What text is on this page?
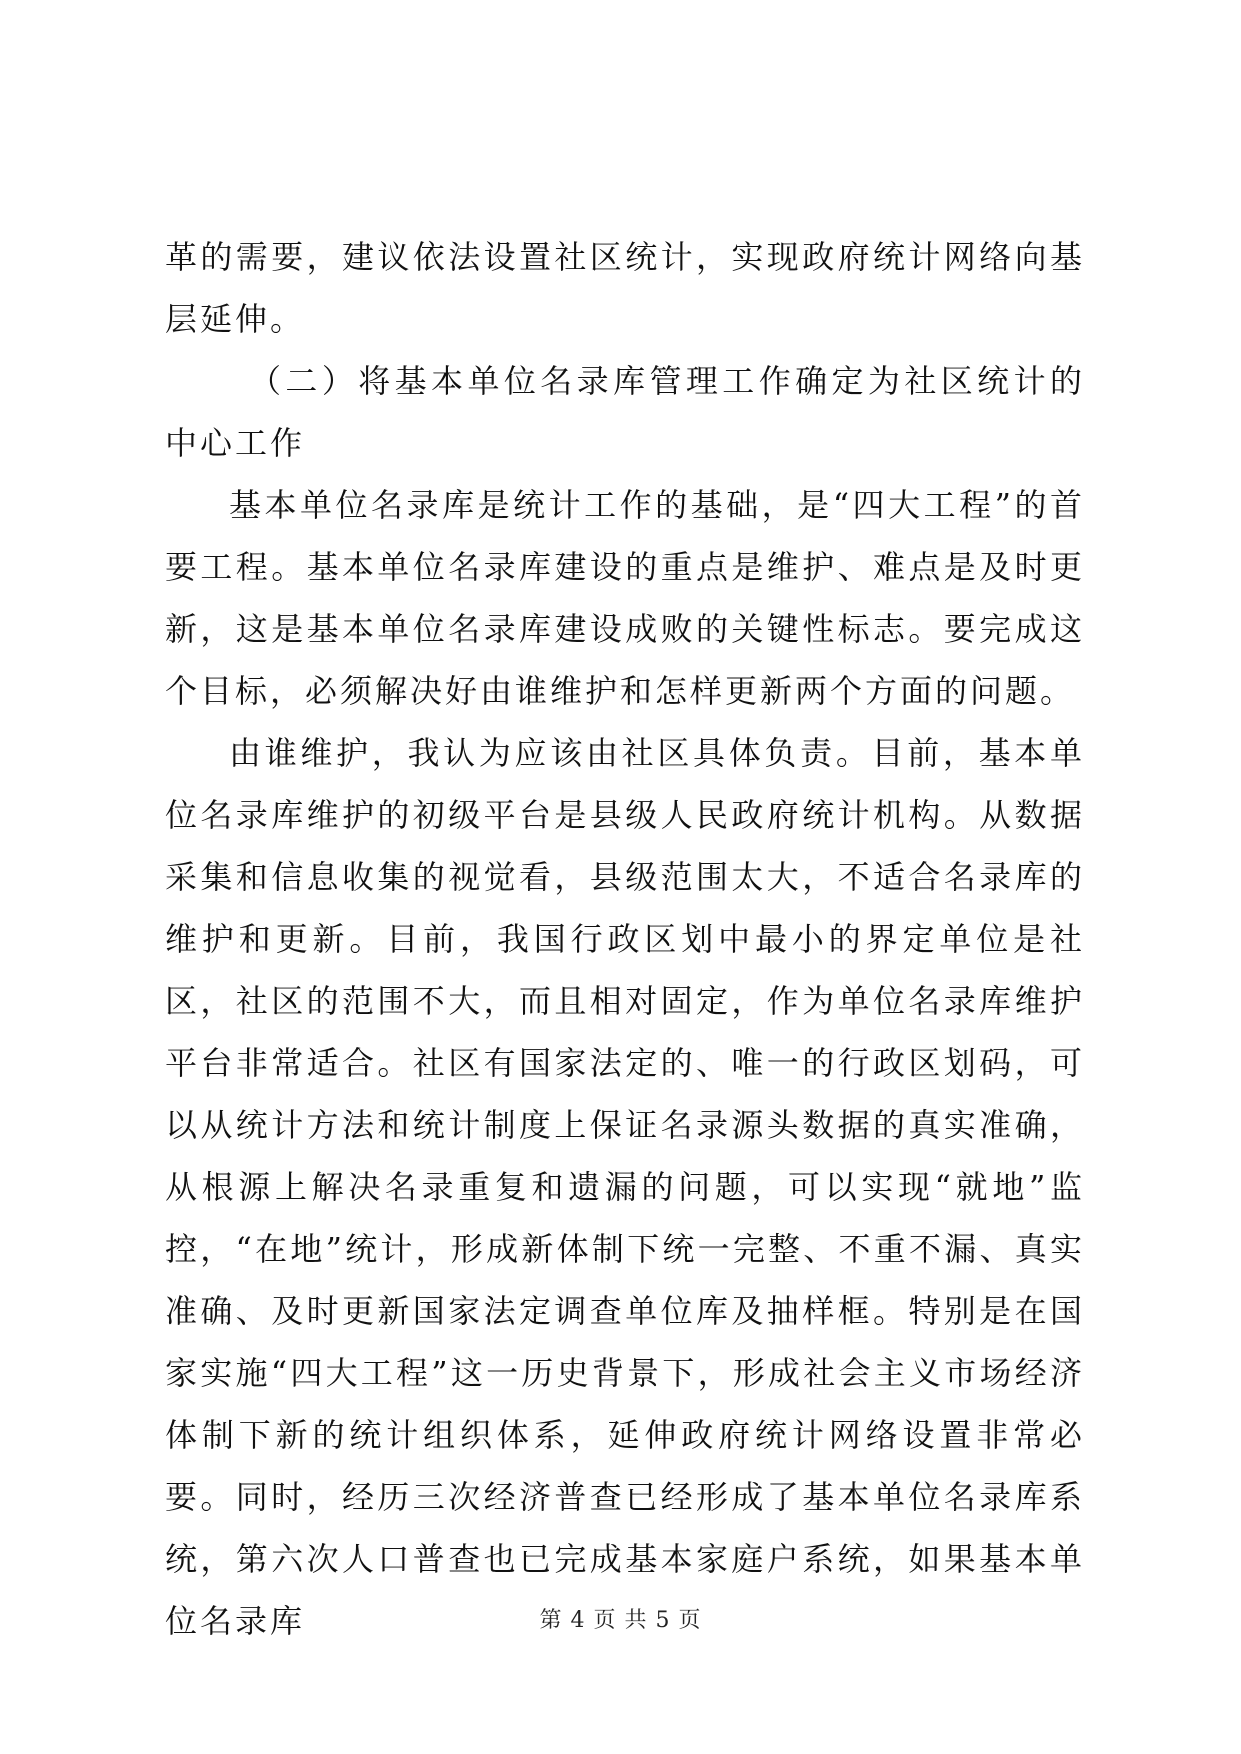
革的需要，建议依法设置社区统计，实现政府统计网络向基层延伸。

（二）将基本单位名录库管理工作确定为社区统计的中心工作

基本单位名录库是统计工作的基础，是“四大工程”的首要工程。基本单位名录库建设的重点是维护、难点是及时更新，这是基本单位名录库建设成败的关键性标志。要完成这个目标，必须解决好由谁维护和怎样更新两个方面的问题。

由谁维护，我认为应该由社区具体负责。目前，基本单位名录库维护的初级平台是县级人民政府统计机构。从数据采集和信息收集的视觉看，县级范围太大，不适合名录库的维护和更新。目前，我国行政区划中最小的界定单位是社区，社区的范围不大，而且相对固定，作为单位名录库维护平台非常适合。社区有国家法定的、唯一的行政区划码，可以从统计方法和统计制度上保证名录源头数据的真实准确，从根源上解决名录重复和遗漏的问题，可以实现“就地”监控，“在地”统计，形成新体制下统一完整、不重不漏、真实准确、及时更新国家法定调查单位库及抽样框。特别是在国家实施“四大工程”这一历史背景下，形成社会主义市场经济体制下新的统计组织体系，延伸政府统计网络设置非常必要。同时，经历三次经济普查已经形成了基本单位名录库系统，第六次人口普查也已完成基本家庭户系统，如果基本单位名录库	第 4 页 共 5 页
